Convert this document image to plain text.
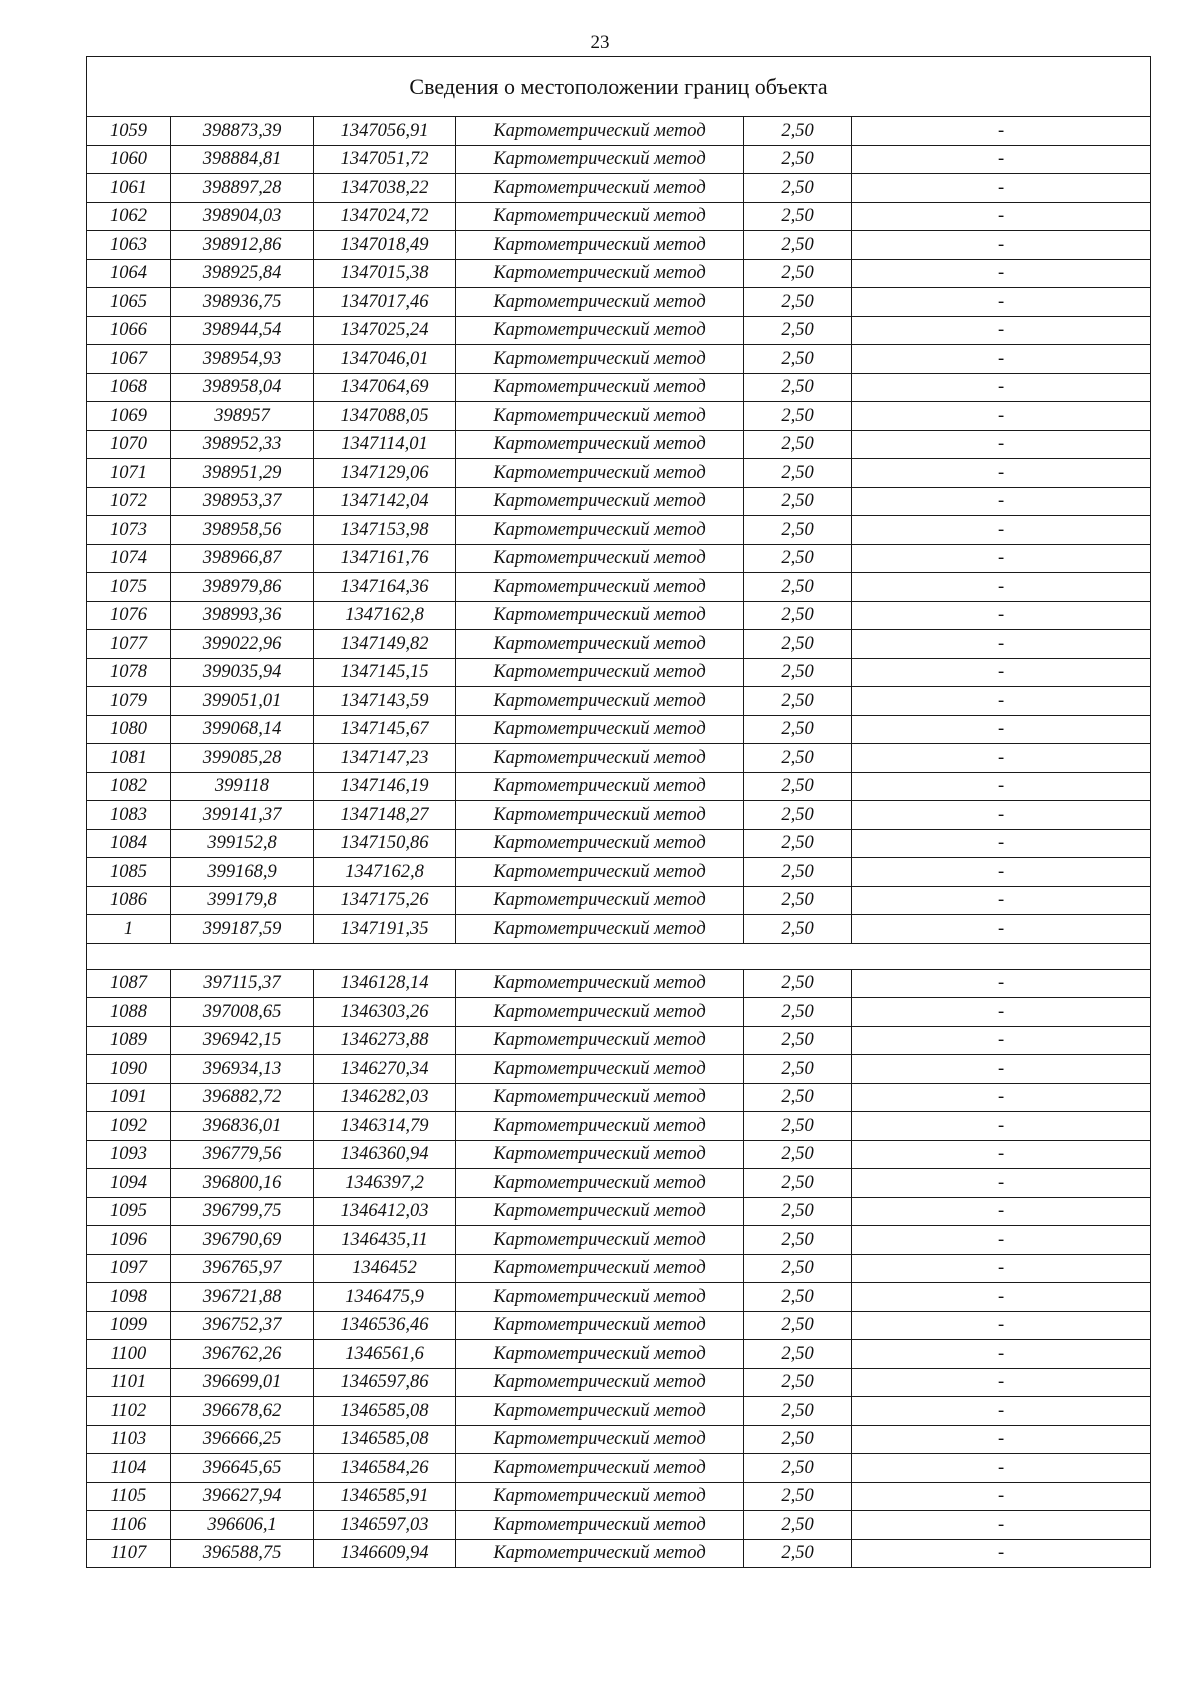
23
Сведения о местоположении границ объекта					
1059	398873,39	1347056,91	Картометрический метод	2,50	-
1060	398884,81	1347051,72	Картометрический метод	2,50	-
1061	398897,28	1347038,22	Картометрический метод	2,50	-
1062	398904,03	1347024,72	Картометрический метод	2,50	-
1063	398912,86	1347018,49	Картометрический метод	2,50	-
1064	398925,84	1347015,38	Картометрический метод	2,50	-
1065	398936,75	1347017,46	Картометрический метод	2,50	-
1066	398944,54	1347025,24	Картометрический метод	2,50	-
1067	398954,93	1347046,01	Картометрический метод	2,50	-
1068	398958,04	1347064,69	Картометрический метод	2,50	-
1069	398957	1347088,05	Картометрический метод	2,50	-
1070	398952,33	1347114,01	Картометрический метод	2,50	-
1071	398951,29	1347129,06	Картометрический метод	2,50	-
1072	398953,37	1347142,04	Картометрический метод	2,50	-
1073	398958,56	1347153,98	Картометрический метод	2,50	-
1074	398966,87	1347161,76	Картометрический метод	2,50	-
1075	398979,86	1347164,36	Картометрический метод	2,50	-
1076	398993,36	1347162,8	Картометрический метод	2,50	-
1077	399022,96	1347149,82	Картометрический метод	2,50	-
1078	399035,94	1347145,15	Картометрический метод	2,50	-
1079	399051,01	1347143,59	Картометрический метод	2,50	-
1080	399068,14	1347145,67	Картометрический метод	2,50	-
1081	399085,28	1347147,23	Картометрический метод	2,50	-
1082	399118	1347146,19	Картометрический метод	2,50	-
1083	399141,37	1347148,27	Картометрический метод	2,50	-
1084	399152,8	1347150,86	Картометрический метод	2,50	-
1085	399168,9	1347162,8	Картометрический метод	2,50	-
1086	399179,8	1347175,26	Картометрический метод	2,50	-
1	399187,59	1347191,35	Картометрический метод	2,50	-

1087	397115,37	1346128,14	Картометрический метод	2,50	-
1088	397008,65	1346303,26	Картометрический метод	2,50	-
1089	396942,15	1346273,88	Картометрический метод	2,50	-
1090	396934,13	1346270,34	Картометрический метод	2,50	-
1091	396882,72	1346282,03	Картометрический метод	2,50	-
1092	396836,01	1346314,79	Картометрический метод	2,50	-
1093	396779,56	1346360,94	Картометрический метод	2,50	-
1094	396800,16	1346397,2	Картометрический метод	2,50	-
1095	396799,75	1346412,03	Картометрический метод	2,50	-
1096	396790,69	1346435,11	Картометрический метод	2,50	-
1097	396765,97	1346452	Картометрический метод	2,50	-
1098	396721,88	1346475,9	Картометрический метод	2,50	-
1099	396752,37	1346536,46	Картометрический метод	2,50	-
1100	396762,26	1346561,6	Картометрический метод	2,50	-
1101	396699,01	1346597,86	Картометрический метод	2,50	-
1102	396678,62	1346585,08	Картометрический метод	2,50	-
1103	396666,25	1346585,08	Картометрический метод	2,50	-
1104	396645,65	1346584,26	Картометрический метод	2,50	-
1105	396627,94	1346585,91	Картометрический метод	2,50	-
1106	396606,1	1346597,03	Картометрический метод	2,50	-
1107	396588,75	1346609,94	Картометрический метод	2,50	-
